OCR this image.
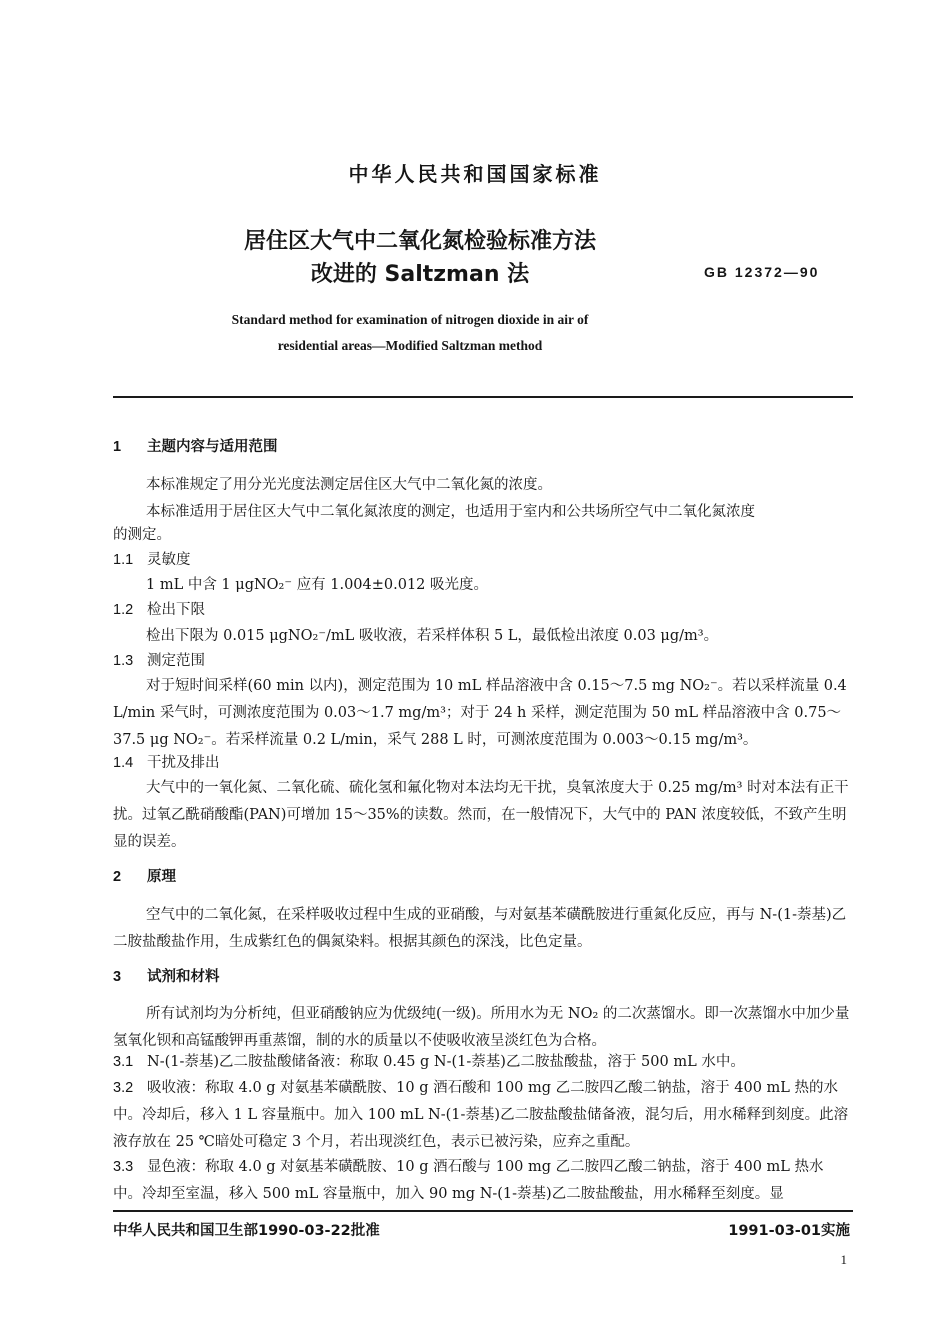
中华人民共和国国家标准
居住区大气中二氧化氮检验标准方法
改进的 Saltzman 法	GB 12372—90
Standard method for examination of nitrogen dioxide in air of
residential areas—Modified Saltzman method
1 主题内容与适用范围
本标准规定了用分光光度法测定居住区大气中二氧化氮的浓度。
本标准适用于居住区大气中二氧化氮浓度的测定，也适用于室内和公共场所空气中二氧化氮浓度
的测定。
1.1 灵敏度
1 mL 中含 1 μgNO₂⁻ 应有 1.004±0.012 吸光度。
1.2 检出下限
检出下限为 0.015 μgNO₂⁻/mL 吸收液，若采样体积 5 L，最低检出浓度 0.03 μg/m³。
1.3 测定范围
对于短时间采样(60 min 以内)，测定范围为 10 mL 样品溶液中含 0.15～7.5 mg NO₂⁻。若以采样流量 0.4 L/min 采气时，可测浓度范围为 0.03～1.7 mg/m³；对于 24 h 采样，测定范围为 50 mL 样品溶液中含 0.75～37.5 μg NO₂⁻。若采样流量 0.2 L/min，采气 288 L 时，可测浓度范围为 0.003～0.15 mg/m³。
1.4 干扰及排出
大气中的一氧化氮、二氧化硫、硫化氢和氟化物对本法均无干扰，臭氧浓度大于 0.25 mg/m³ 时对本法有正干扰。过氧乙酰硝酸酯(PAN)可增加 15～35%的读数。然而，在一般情况下，大气中的 PAN 浓度较低，不致产生明显的误差。
2 原理
空气中的二氧化氮，在采样吸收过程中生成的亚硝酸，与对氨基苯磺酰胺进行重氮化反应，再与 N-(1-萘基)乙二胺盐酸盐作用，生成紫红色的偶氮染料。根据其颜色的深浅，比色定量。
3 试剂和材料
所有试剂均为分析纯，但亚硝酸钠应为优级纯(一级)。所用水为无 NO₂ 的二次蒸馏水。即一次蒸馏水中加少量氢氧化钡和高锰酸钾再重蒸馏，制的水的质量以不使吸收液呈淡红色为合格。
3.1 N-(1-萘基)乙二胺盐酸储备液：称取 0.45 g N-(1-萘基)乙二胺盐酸盐，溶于 500 mL 水中。
3.2 吸收液：称取 4.0 g 对氨基苯磺酰胺、10 g 酒石酸和 100 mg 乙二胺四乙酸二钠盐，溶于 400 mL 热的水中。冷却后，移入 1 L 容量瓶中。加入 100 mL N-(1-萘基)乙二胺盐酸盐储备液，混匀后，用水稀释到刻度。此溶液存放在 25 ℃暗处可稳定 3 个月，若出现淡红色，表示已被污染，应弃之重配。
3.3 显色液：称取 4.0 g 对氨基苯磺酰胺、10 g 酒石酸与 100 mg 乙二胺四乙酸二钠盐，溶于 400 mL 热水中。冷却至室温，移入 500 mL 容量瓶中，加入 90 mg N-(1-萘基)乙二胺盐酸盐，用水稀释至刻度。显
中华人民共和国卫生部1990-03-22批准	1991-03-01实施
1
